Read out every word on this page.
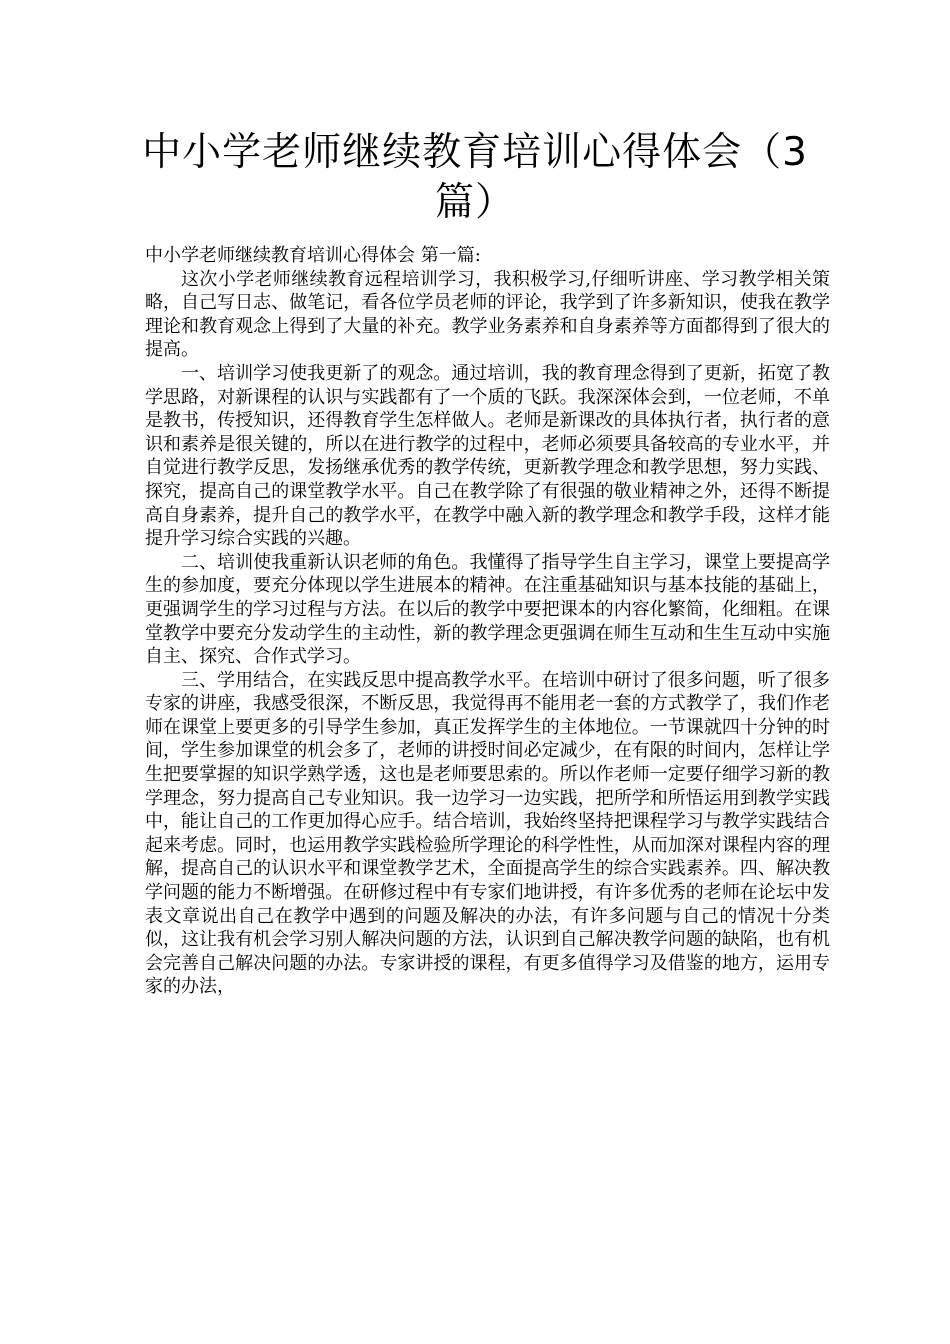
中小学老师继续教育培训心得体会（3篇）

中小学老师继续教育培训心得体会 第一篇:

这次小学老师继续教育远程培训学习，我积极学习,仔细听讲座、学习教学相关策略，自己写日志、做笔记，看各位学员老师的评论，我学到了许多新知识，使我在教学理论和教育观念上得到了大量的补充。教学业务素养和自身素养等方面都得到了很大的提高。

一、培训学习使我更新了的观念。通过培训，我的教育理念得到了更新，拓宽了教学思路，对新课程的认识与实践都有了一个质的飞跃。我深深体会到，一位老师，不单是教书，传授知识，还得教育学生怎样做人。老师是新课改的具体执行者，执行者的意识和素养是很关键的，所以在进行教学的过程中，老师必须要具备较高的专业水平，并自觉进行教学反思，发扬继承优秀的教学传统，更新教学理念和教学思想，努力实践、探究，提高自己的课堂教学水平。自己在教学除了有很强的敬业精神之外，还得不断提高自身素养，提升自己的教学水平，在教学中融入新的教学理念和教学手段，这样才能提升学习综合实践的兴趣。

二、培训使我重新认识老师的角色。我懂得了指导学生自主学习，课堂上要提高学生的参加度，要充分体现以学生进展本的精神。在注重基础知识与基本技能的基础上，更强调学生的学习过程与方法。在以后的教学中要把课本的内容化繁简，化细粗。在课堂教学中要充分发动学生的主动性，新的教学理念更强调在师生互动和生生互动中实施自主、探究、合作式学习。

三、学用结合，在实践反思中提高教学水平。在培训中研讨了很多问题，听了很多专家的讲座，我感受很深，不断反思，我觉得再不能用老一套的方式教学了，我们作老师在课堂上要更多的引导学生参加，真正发挥学生的主体地位。一节课就四十分钟的时间，学生参加课堂的机会多了，老师的讲授时间必定减少，在有限的时间内，怎样让学生把要掌握的知识学熟学透，这也是老师要思索的。所以作老师一定要仔细学习新的教学理念，努力提高自己专业知识。我一边学习一边实践，把所学和所悟运用到教学实践中，能让自己的工作更加得心应手。结合培训，我始终坚持把课程学习与教学实践结合起来考虑。同时，也运用教学实践检验所学理论的科学性性，从而加深对课程内容的理解，提高自己的认识水平和课堂教学艺术，全面提高学生的综合实践素养。四、解决教学问题的能力不断增强。在研修过程中有专家们地讲授，有许多优秀的老师在论坛中发表文章说出自己在教学中遇到的问题及解决的办法，有许多问题与自己的情况十分类似，这让我有机会学习别人解决问题的方法，认识到自己解决教学问题的缺陷，也有机会完善自己解决问题的办法。专家讲授的课程，有更多值得学习及借鉴的地方，运用专家的办法，
